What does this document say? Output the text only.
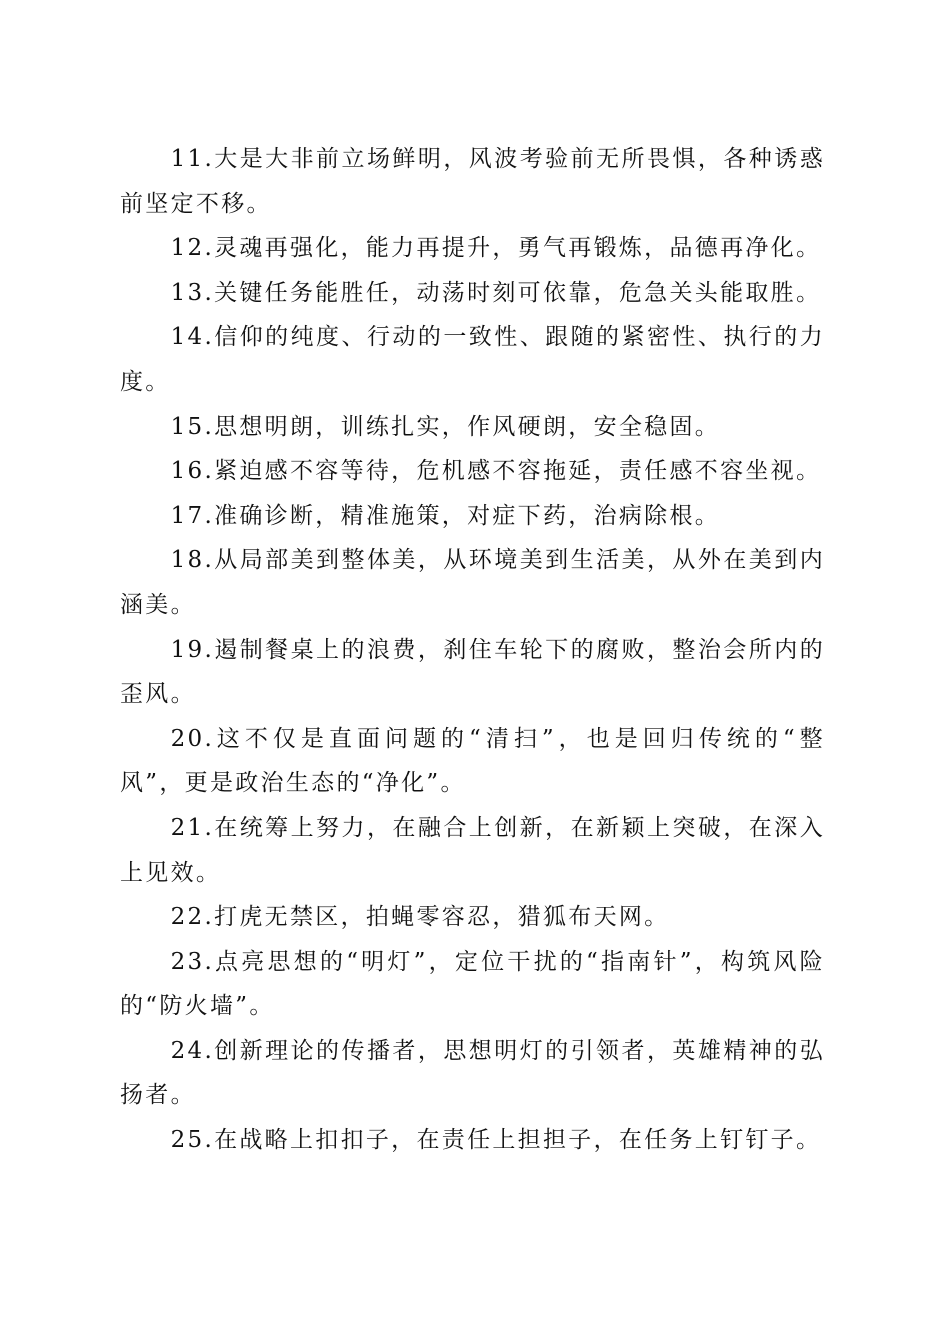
11.大是大非前立场鲜明，风波考验前无所畏惧，各种诱惑前坚定不移。

12.灵魂再强化，能力再提升，勇气再锻炼，品德再净化。

13.关键任务能胜任，动荡时刻可依靠，危急关头能取胜。

14.信仰的纯度、行动的一致性、跟随的紧密性、执行的力度。

15.思想明朗，训练扎实，作风硬朗，安全稳固。

16.紧迫感不容等待，危机感不容拖延，责任感不容坐视。

17.准确诊断，精准施策，对症下药，治病除根。

18.从局部美到整体美，从环境美到生活美，从外在美到内涵美。

19.遏制餐桌上的浪费，刹住车轮下的腐败，整治会所内的歪风。

20.这不仅是直面问题的“清扫”，也是回归传统的“整风”，更是政治生态的“净化”。

21.在统筹上努力，在融合上创新，在新颖上突破，在深入上见效。

22.打虎无禁区，拍蝇零容忍，猎狐布天网。

23.点亮思想的“明灯”，定位干扰的“指南针”，构筑风险的“防火墙”。

24.创新理论的传播者，思想明灯的引领者，英雄精神的弘扬者。

25.在战略上扣扣子，在责任上担担子，在任务上钉钉子。
